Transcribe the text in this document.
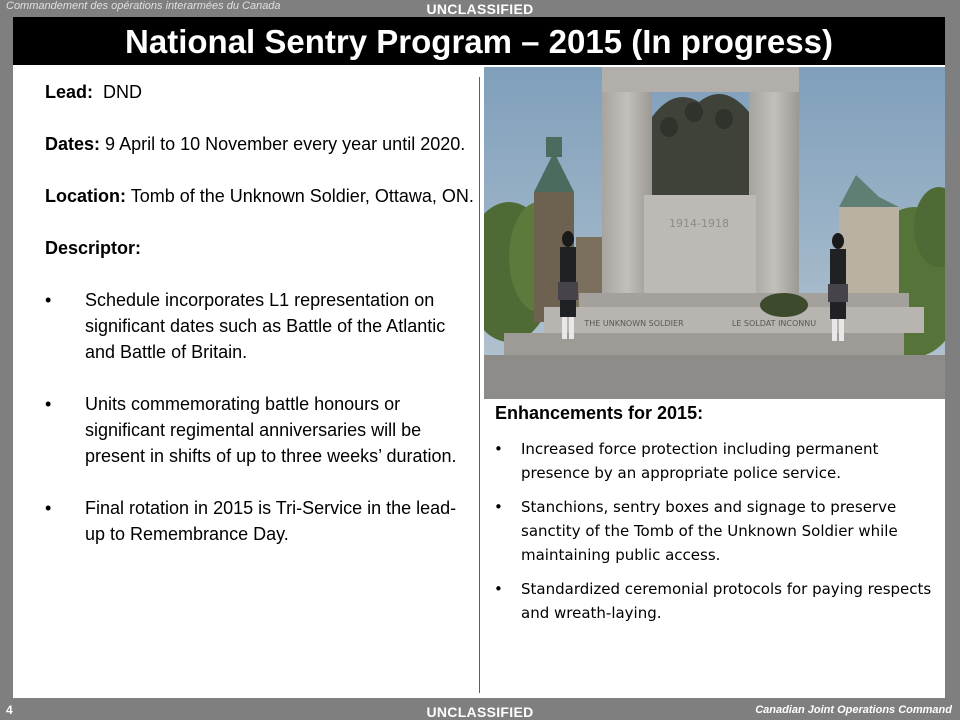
Commandement des opérations interarmées du Canada	UNCLASSIFIED
National Sentry Program – 2015 (In progress)

Lead: DND

Dates: 9 April to 10 November every year until 2020.

Location: Tomb of the Unknown Soldier, Ottawa, ON.

Descriptor:

• Schedule incorporates L1 representation on significant dates such as Battle of the Atlantic and Battle of Britain.
• Units commemorating battle honours or significant regimental anniversaries will be present in shifts of up to three weeks’ duration.
• Final rotation in 2015 is Tri-Service in the lead-up to Remembrance Day.
1914-1918
THE UNKNOWN SOLDIER	LE SOLDAT INCONNU
Enhancements for 2015:
• Increased force protection including permanent presence by an appropriate police service.
• Stanchions, sentry boxes and signage to preserve sanctity of the Tomb of the Unknown Soldier while maintaining public access.
• Standardized ceremonial protocols for paying respects and wreath-laying.
4	UNCLASSIFIED	Canadian Joint Operations Command
